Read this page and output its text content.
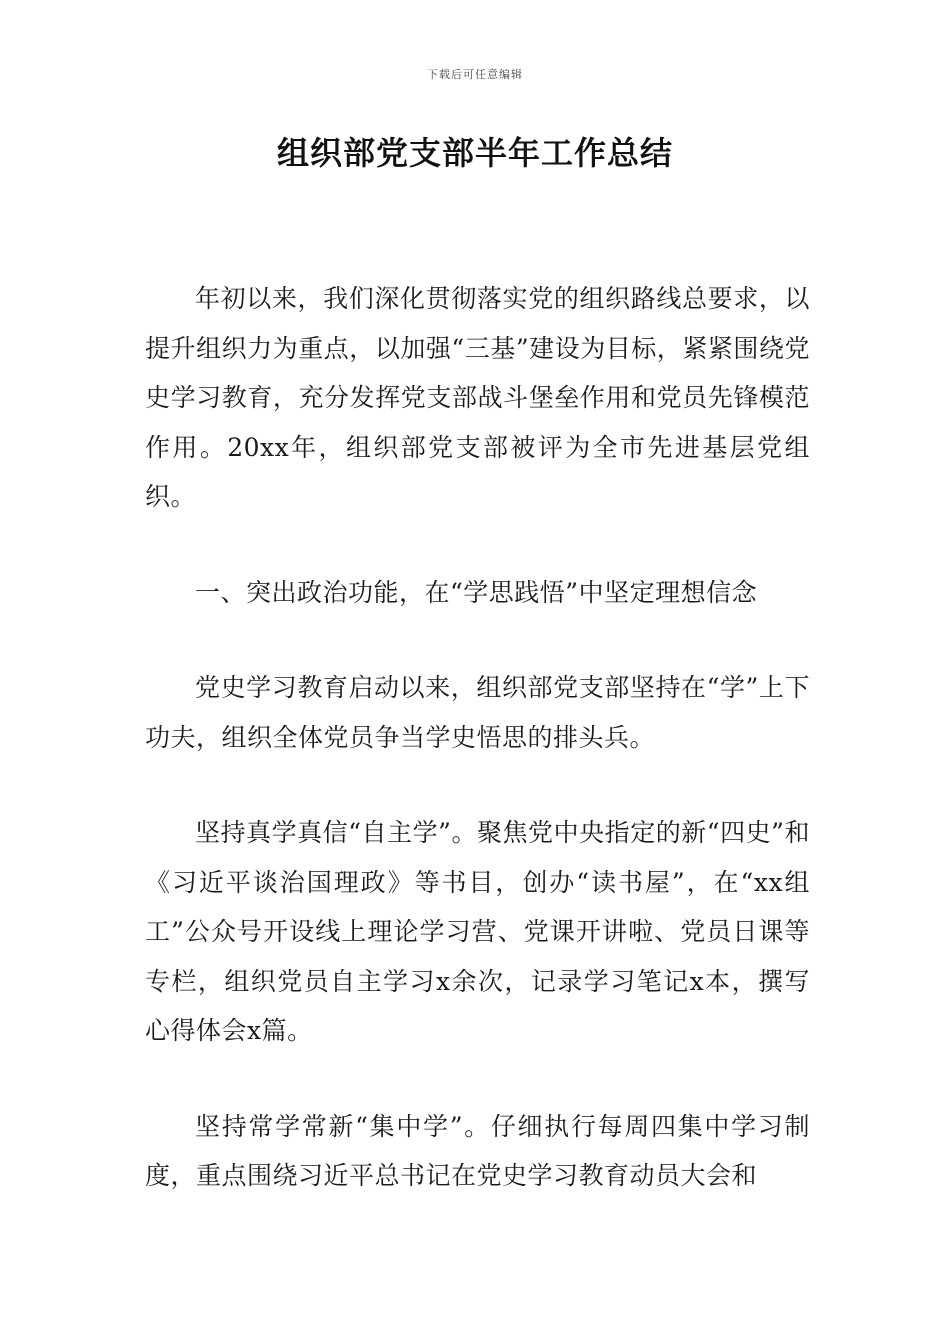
下载后可任意编辑
组织部党支部半年工作总结

年初以来，我们深化贯彻落实党的组织路线总要求，以提升组织力为重点，以加强“三基”建设为目标，紧紧围绕党史学习教育，充分发挥党支部战斗堡垒作用和党员先锋模范作用。20xx年，组织部党支部被评为全市先进基层党组织。

一、突出政治功能，在“学思践悟”中坚定理想信念

党史学习教育启动以来，组织部党支部坚持在“学”上下功夫，组织全体党员争当学史悟思的排头兵。

坚持真学真信“自主学”。聚焦党中央指定的新“四史”和《习近平谈治国理政》等书目，创办“读书屋”，在“xx组工”公众号开设线上理论学习营、党课开讲啦、党员日课等专栏，组织党员自主学习x余次，记录学习笔记x本，撰写心得体会x篇。

坚持常学常新“集中学”。仔细执行每周四集中学习制度，重点围绕习近平总书记在党史学习教育动员大会和
